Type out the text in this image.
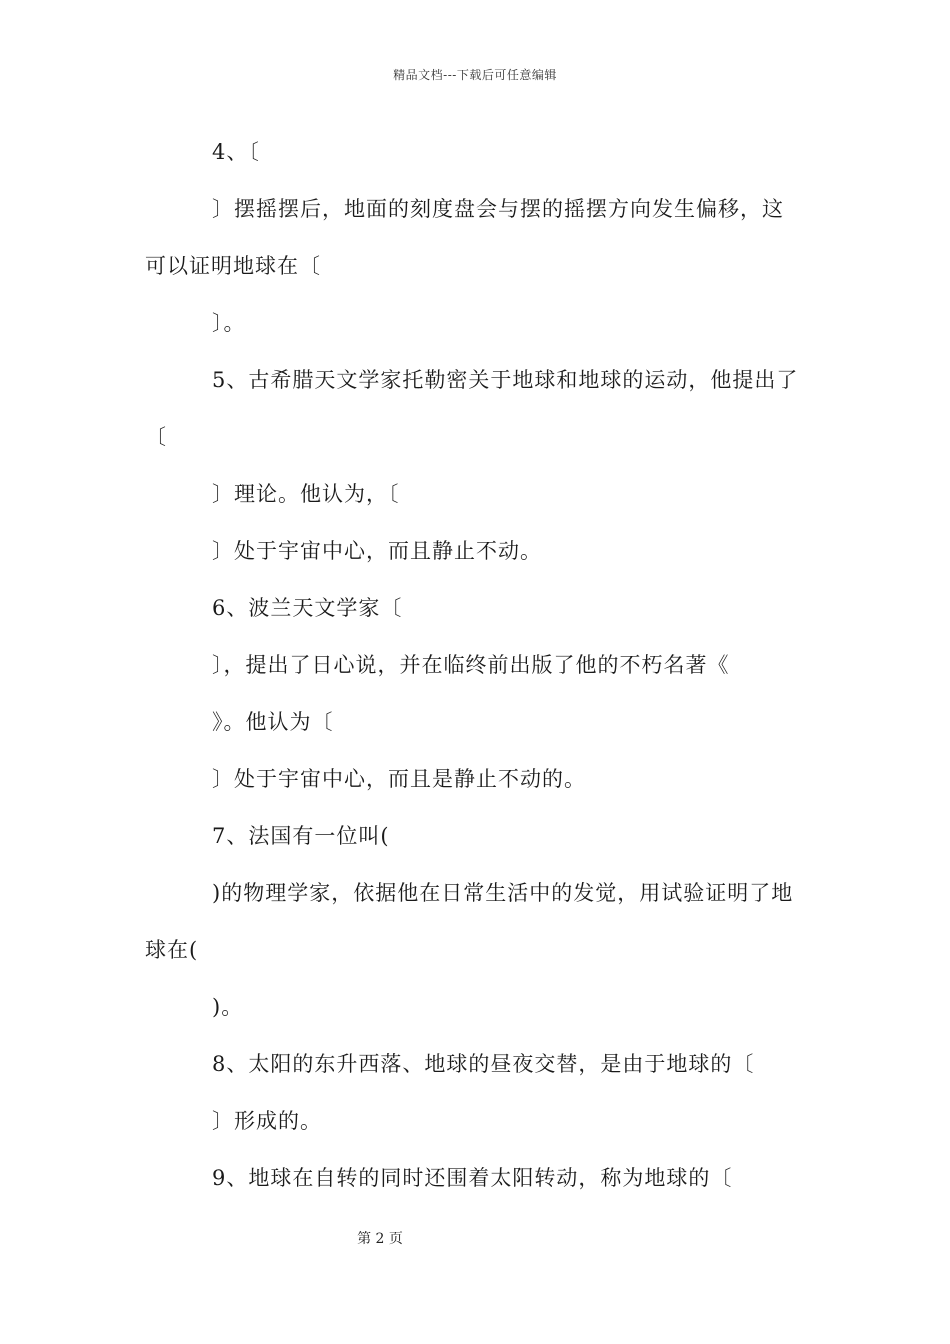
精品文档---下载后可任意编辑
4、〔
〕摆摇摆后，地面的刻度盘会与摆的摇摆方向发生偏移，这
可以证明地球在〔
〕。
5、古希腊天文学家托勒密关于地球和地球的运动，他提出了
〔
〕理论。他认为，〔
〕处于宇宙中心，而且静止不动。
6、波兰天文学家〔
〕，提出了日心说，并在临终前出版了他的不朽名著《
》。他认为〔
〕处于宇宙中心，而且是静止不动的。
7、法国有一位叫(
)的物理学家，依据他在日常生活中的发觉，用试验证明了地
球在(
)。
8、太阳的东升西落、地球的昼夜交替，是由于地球的〔
〕形成的。
9、地球在自转的同时还围着太阳转动，称为地球的〔
第 2 页
